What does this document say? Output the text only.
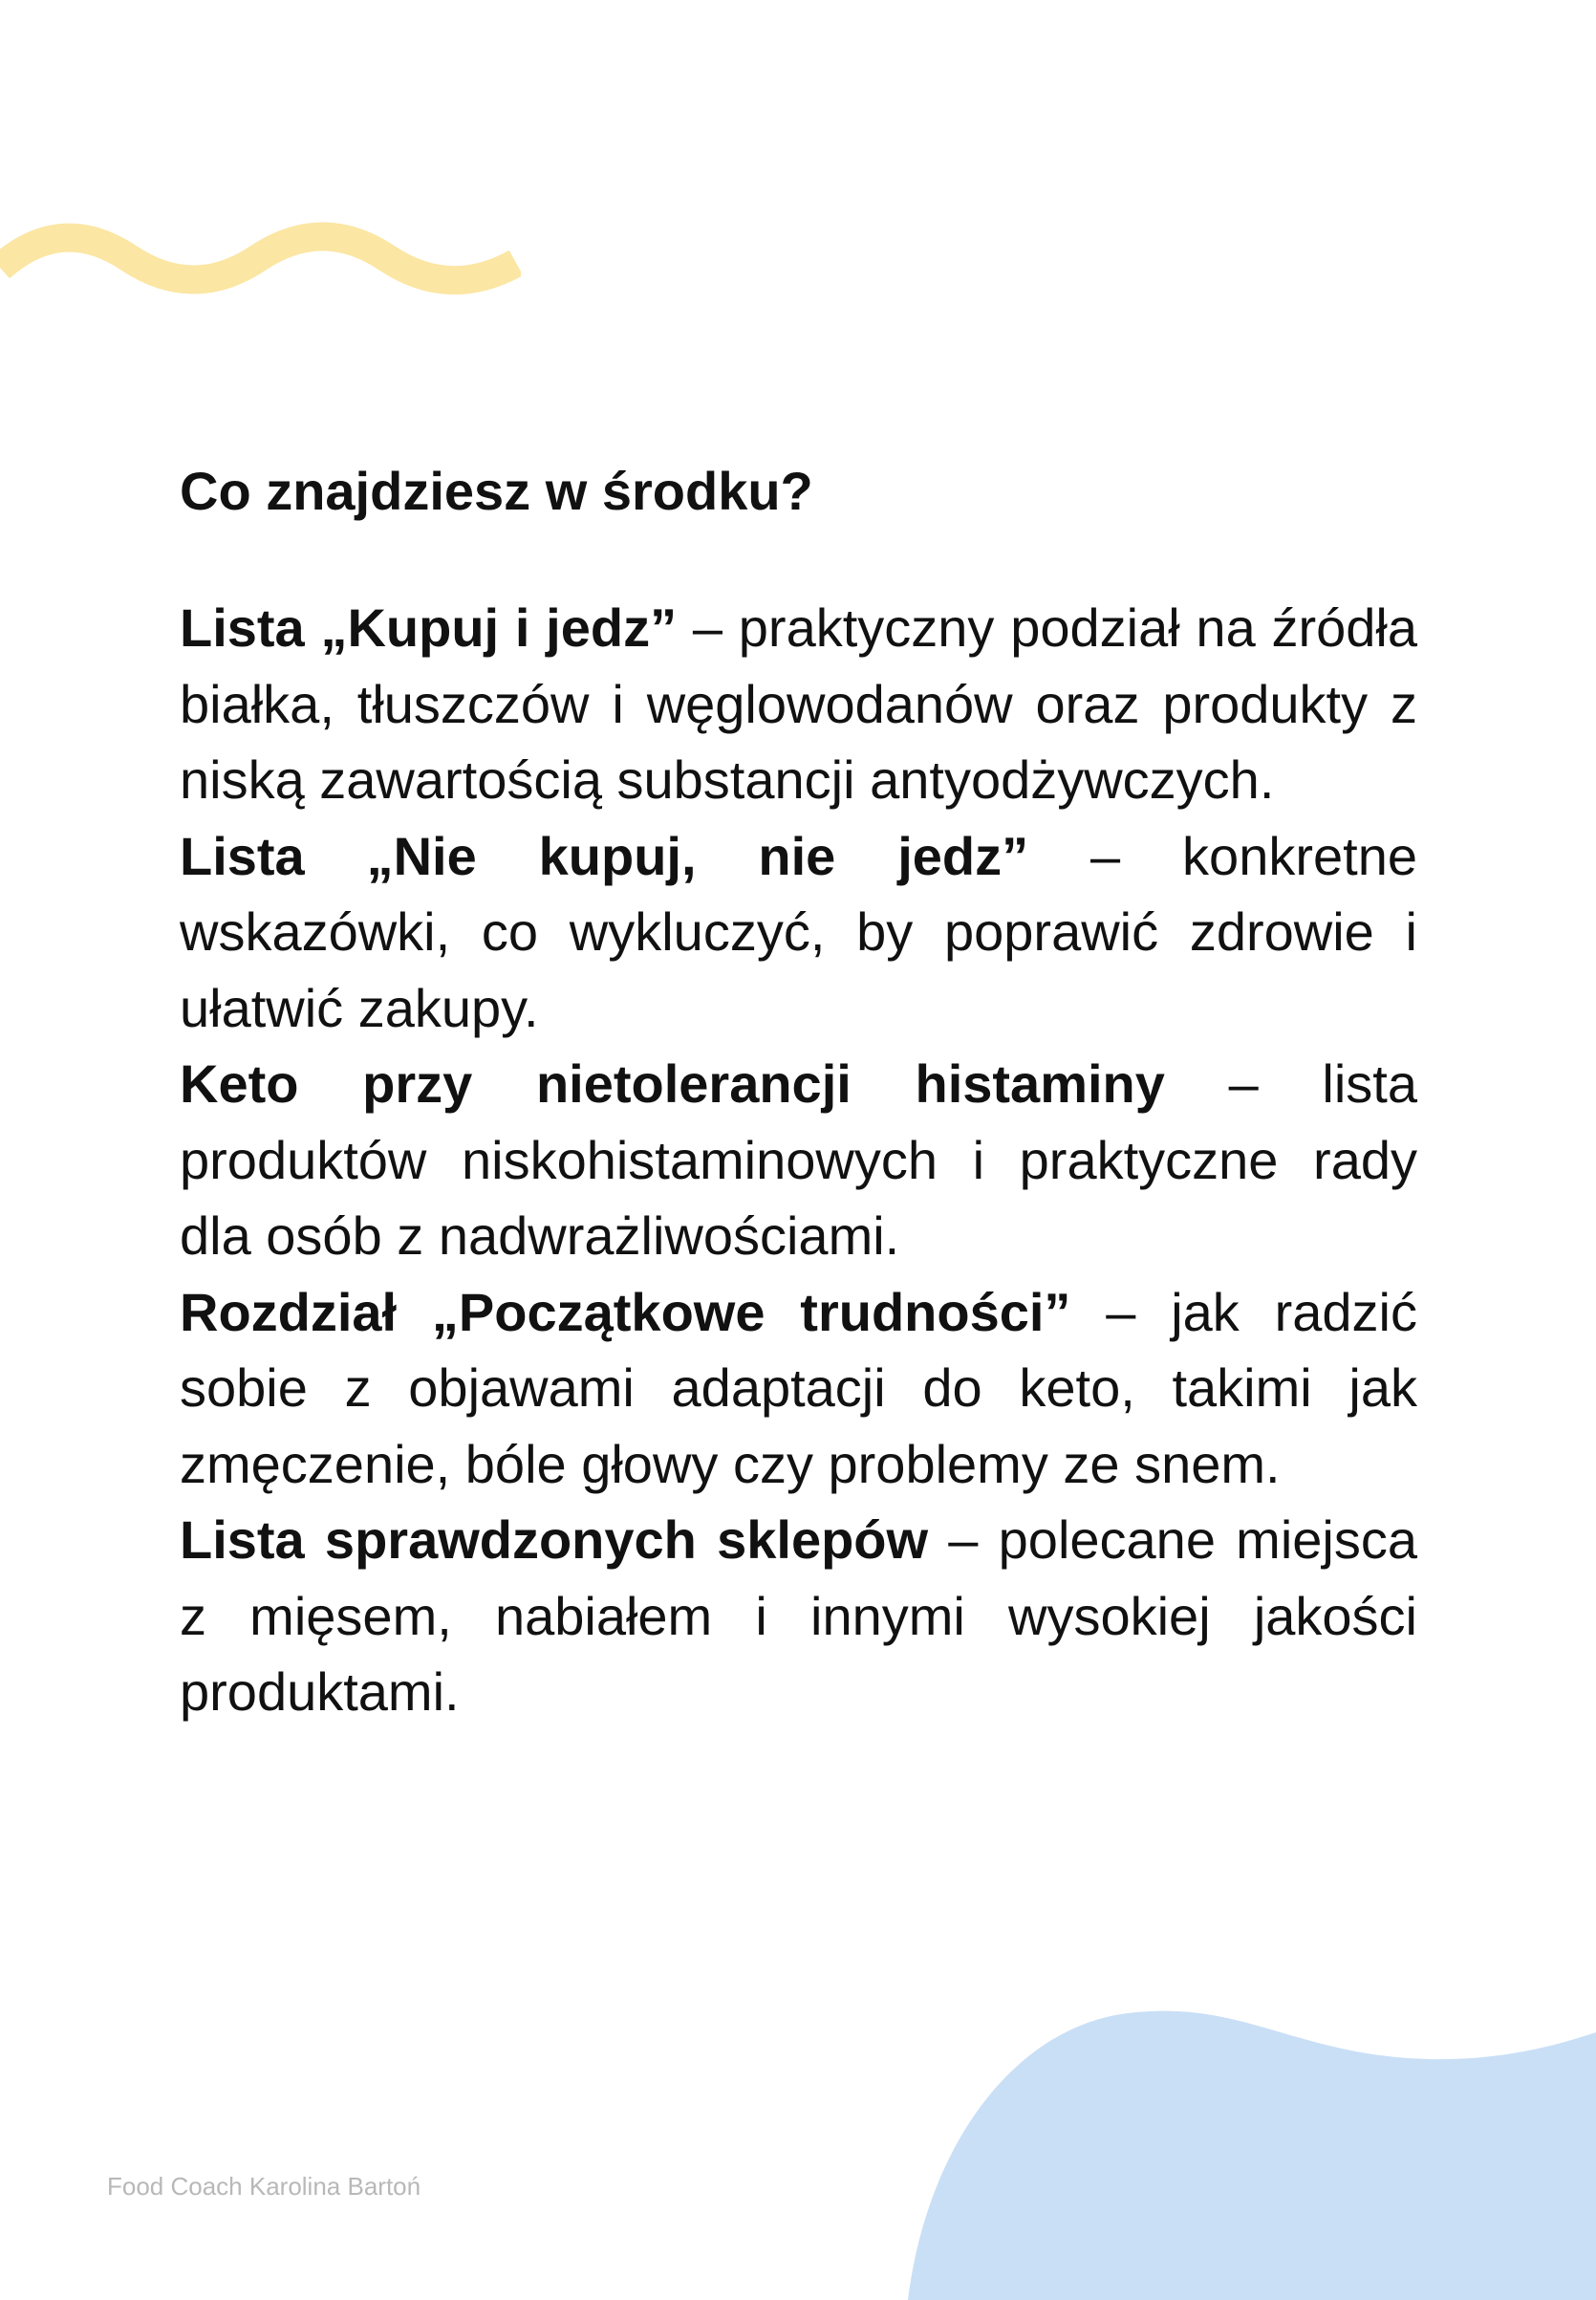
Co znajdziesz w środku?

Lista „Kupuj i jedz” – praktyczny podział na źródła białka, tłuszczów i węglowodanów oraz produkty z niską zawartością substancji antyodżywczych.

Lista „Nie kupuj, nie jedz” – konkretne wskazówki, co wykluczyć, by poprawić zdrowie i ułatwić zakupy.

Keto przy nietolerancji histaminy – lista produktów niskohistaminowych i praktyczne rady dla osób z nadwrażliwościami.

Rozdział „Początkowe trudności” – jak radzić sobie z objawami adaptacji do keto, takimi jak zmęczenie, bóle głowy czy problemy ze snem.

Lista sprawdzonych sklepów – polecane miejsca z mięsem, nabiałem i innymi wysokiej jakości produktami.

Food Coach Karolina Bartoń
